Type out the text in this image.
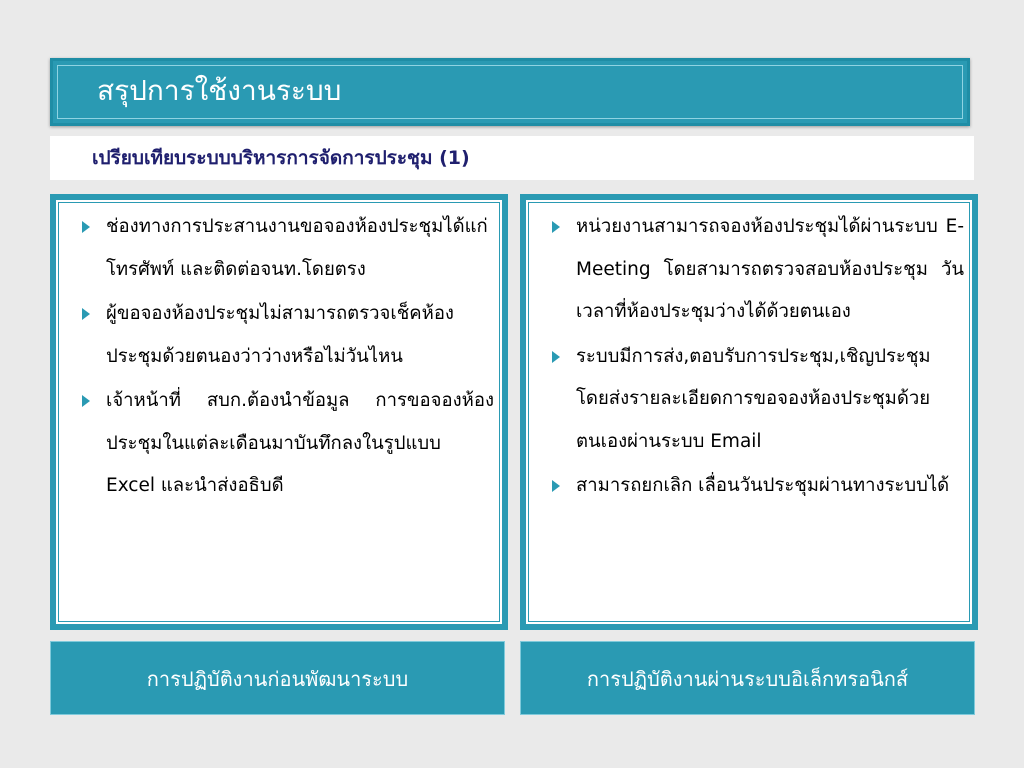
สรุปการใช้งานระบบ
เปรียบเทียบระบบบริหารการจัดการประชุม (1)
ช่องทางการประสานงานขอจองห้องประชุมได้แก่โทรศัพท์ และติดต่อจนท.โดยตรง
ผู้ขอจองห้องประชุมไม่สามารถตรวจเช็คห้องประชุมด้วยตนองว่าว่างหรือไม่วันไหน
เจ้าหน้าที่ สบก.ต้องนำข้อมูล การขอจองห้องประชุมในแต่ละเดือนมาบันทึกลงในรูปแบบ Excel และนำส่งอธิบดี
หน่วยงานสามารถจองห้องประชุมได้ผ่านระบบ E-Meeting โดยสามารถตรวจสอบห้องประชุม วัน เวลาที่ห้องประชุมว่างได้ด้วยตนเอง
ระบบมีการส่ง,ตอบรับการประชุม,เชิญประชุม โดยส่งรายละเอียดการขอจองห้องประชุมด้วยตนเองผ่านระบบ Email
สามารถยกเลิก เลื่อนวันประชุมผ่านทางระบบได้
การปฏิบัติงานก่อนพัฒนาระบบ	การปฏิบัติงานผ่านระบบอิเล็กทรอนิกส์
